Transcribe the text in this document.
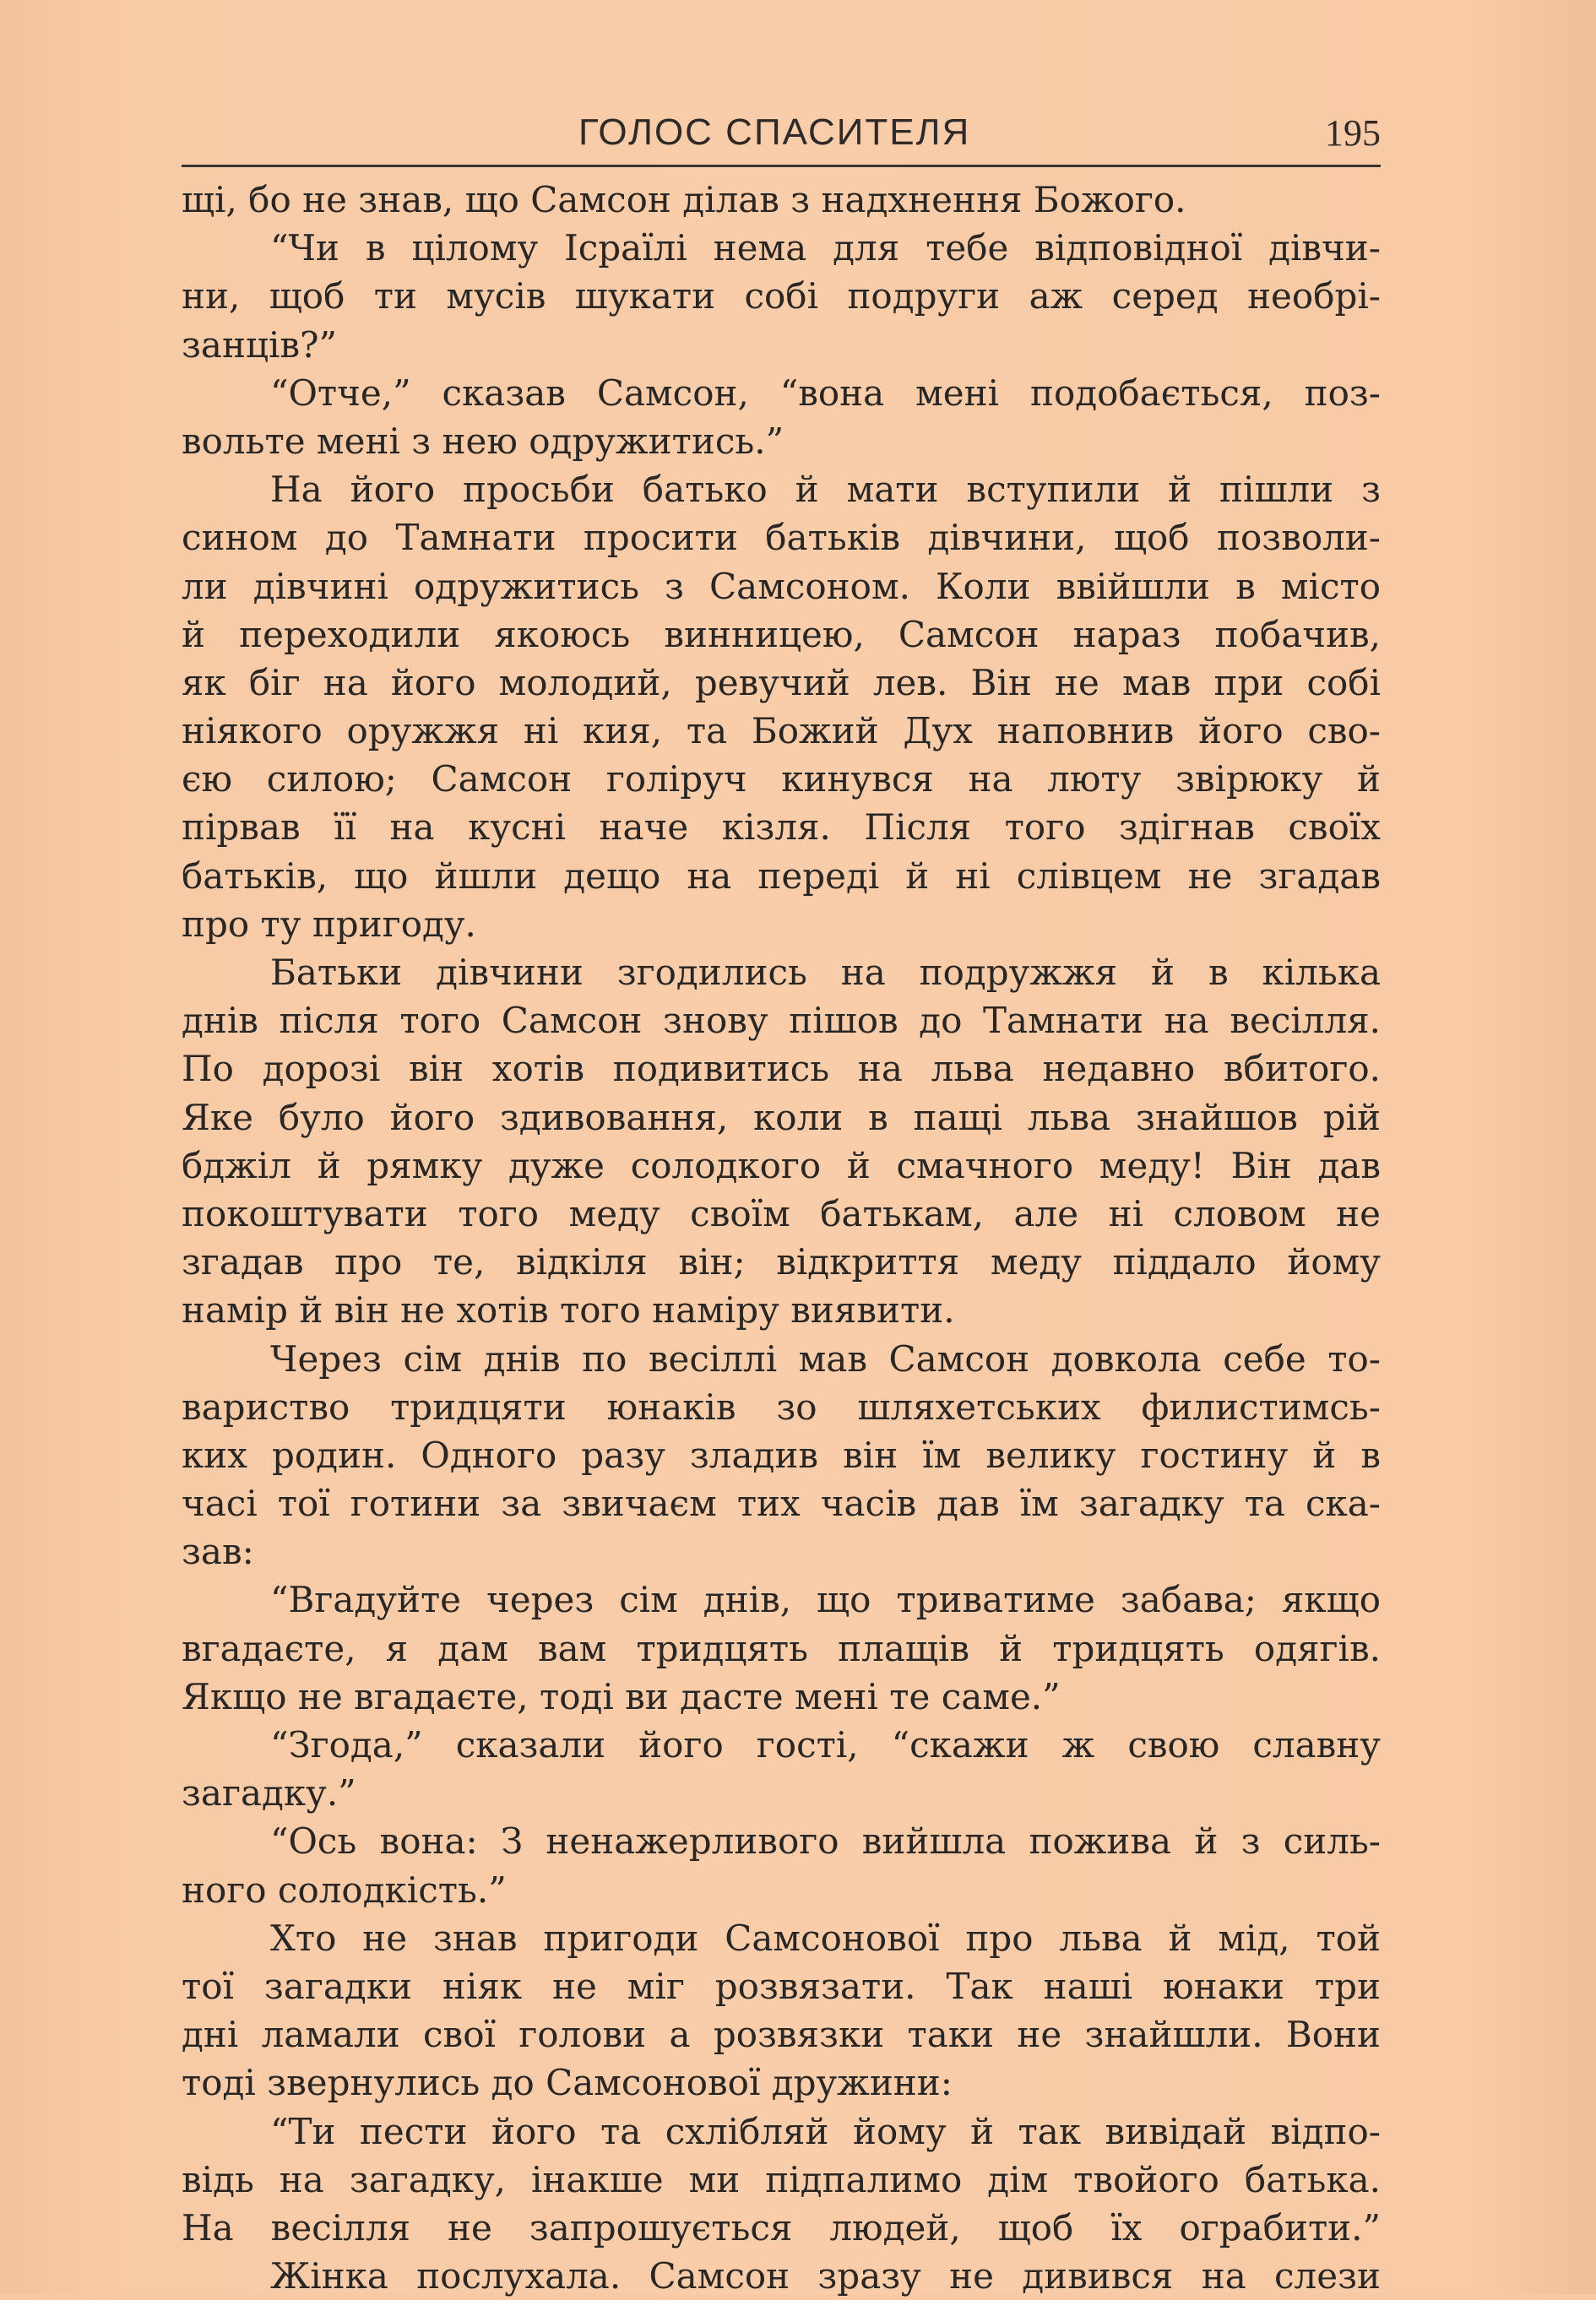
ГОЛОС СПАСИТЕЛЯ	195
щі, бо не знав, що Самсон ділав з надхнення Божого.
“Чи в цілому Ісраїлі нема для тебе відповідної дівчи-
ни, щоб ти мусів шукати собі подруги аж серед необрі-
занців?”
“Отче,” сказав Самсон, “вона мені подобається, поз-
вольте мені з нею одружитись.”
На його просьби батько й мати вступили й пішли з
сином до Тамнати просити батьків дівчини, щоб позволи-
ли дівчині одружитись з Самсоном. Коли ввійшли в місто
й переходили якоюсь винницею, Самсон нараз побачив,
як біг на його молодий, ревучий лев. Він не мав при собі
ніякого оружжя ні кия, та Божий Дух наповнив його сво-
єю силою; Самсон голіруч кинувся на люту звірюку й
пірвав її на кусні наче кізля. Після того здігнав своїх
батьків, що йшли дещо на переді й ні слівцем не згадав
про ту пригоду.
Батьки дівчини згодились на подружжя й в кілька
днів після того Самсон знову пішов до Тамнати на весілля.
По дорозі він хотів подивитись на льва недавно вбитого.
Яке було його здивовання, коли в пащі льва знайшов рій
бджіл й рямку дуже солодкого й смачного меду! Він дав
покоштувати того меду своїм батькам, але ні словом не
згадав про те, відкіля він; відкриття меду піддало йому
намір й він не хотів того наміру виявити.
Через сім днів по весіллі мав Самсон довкола себе то-
вариство тридцяти юнаків зо шляхетських филистимсь-
ких родин. Одного разу зладив він їм велику гостину й в
часі тої готини за звичаєм тих часів дав їм загадку та ска-
зав:
“Вгадуйте через сім днів, що триватиме забава; якщо
вгадаєте, я дам вам тридцять плащів й тридцять одягів.
Якщо не вгадаєте, тоді ви дасте мені те саме.”
“Згода,” сказали його гості, “скажи ж свою славну
загадку.”
“Ось вона: З ненажерливого вийшла пожива й з силь-
ного солодкість.”
Хто не знав пригоди Самсонової про льва й мід, той
тої загадки ніяк не міг розвязати. Так наші юнаки три
дні ламали свої голови а розвязки таки не знайшли. Вони
тоді звернулись до Самсонової дружини:
“Ти пести його та схлібляй йому й так вивідай відпо-
відь на загадку, інакше ми підпалимо дім твойого батька.
На весілля не запрошується людей, щоб їх ограбити.”
Жінка послухала. Самсон зразу не дивився на слези
